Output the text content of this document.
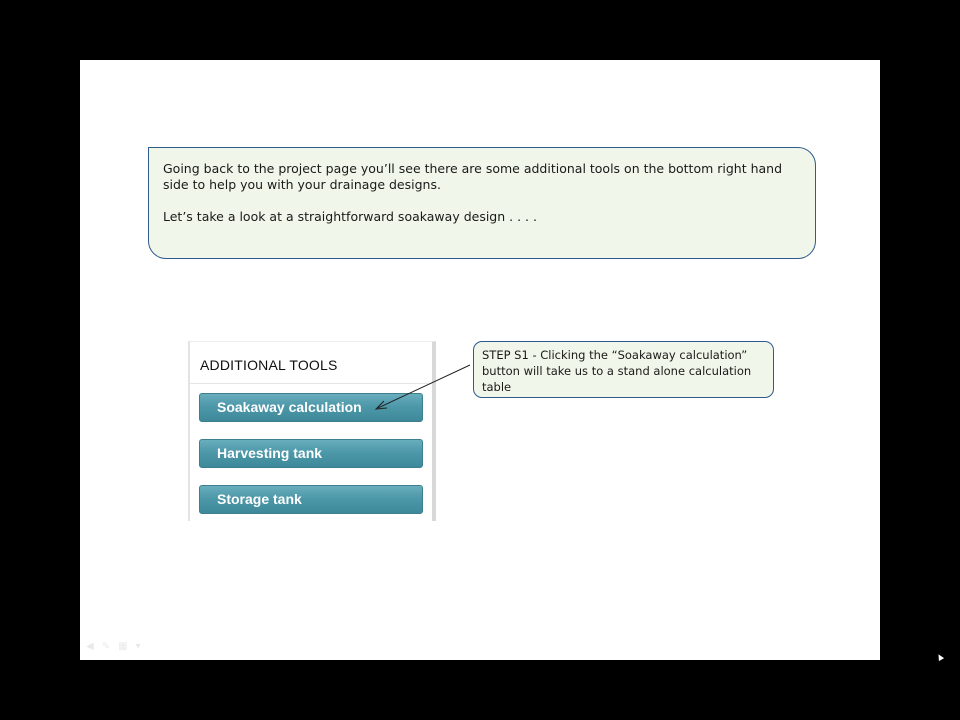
Going back to the project page you’ll see there are some additional tools on the bottom right hand side to help you with your drainage designs.

Let’s take a look at a straightforward soakaway design . . . .

ADDITIONAL TOOLS
Soakaway calculation
Harvesting tank
Storage tank
STEP S1 - Clicking the “Soakaway calculation” button will take us to a stand alone calculation table
◀ ✎ ▦ ▾
